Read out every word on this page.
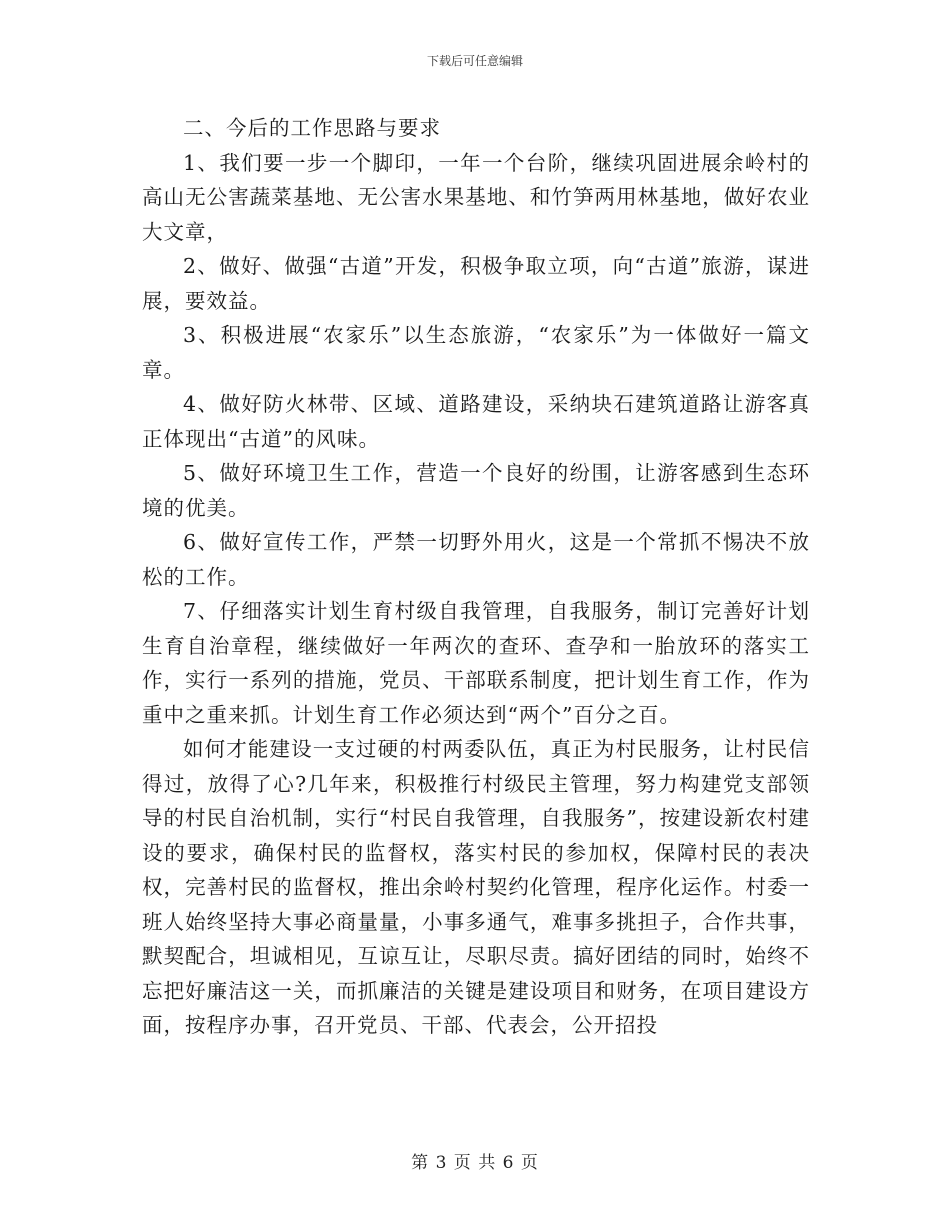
下载后可任意编辑

二、今后的工作思路与要求

1、我们要一步一个脚印，一年一个台阶，继续巩固进展余岭村的高山无公害蔬菜基地、无公害水果基地、和竹笋两用林基地，做好农业大文章，

2、做好、做强“古道”开发，积极争取立项，向“古道”旅游，谋进展，要效益。

3、积极进展“农家乐”以生态旅游，“农家乐”为一体做好一篇文章。

4、做好防火林带、区域、道路建设，采纳块石建筑道路让游客真正体现出“古道”的风味。

5、做好环境卫生工作，营造一个良好的纷围，让游客感到生态环境的优美。

6、做好宣传工作，严禁一切野外用火，这是一个常抓不惕决不放松的工作。

7、仔细落实计划生育村级自我管理，自我服务，制订完善好计划生育自治章程，继续做好一年两次的查环、查孕和一胎放环的落实工作，实行一系列的措施，党员、干部联系制度，把计划生育工作，作为重中之重来抓。计划生育工作必须达到“两个”百分之百。

如何才能建设一支过硬的村两委队伍，真正为村民服务，让村民信得过，放得了心?几年来，积极推行村级民主管理，努力构建党支部领导的村民自治机制，实行“村民自我管理，自我服务”，按建设新农村建设的要求，确保村民的监督权，落实村民的参加权，保障村民的表决权，完善村民的监督权，推出余岭村契约化管理，程序化运作。村委一班人始终坚持大事必商量量，小事多通气，难事多挑担子，合作共事，默契配合，坦诚相见，互谅互让，尽职尽责。搞好团结的同时，始终不忘把好廉洁这一关，而抓廉洁的关键是建设项目和财务，在项目建设方面，按程序办事，召开党员、干部、代表会，公开招投

第 3 页 共 6 页
